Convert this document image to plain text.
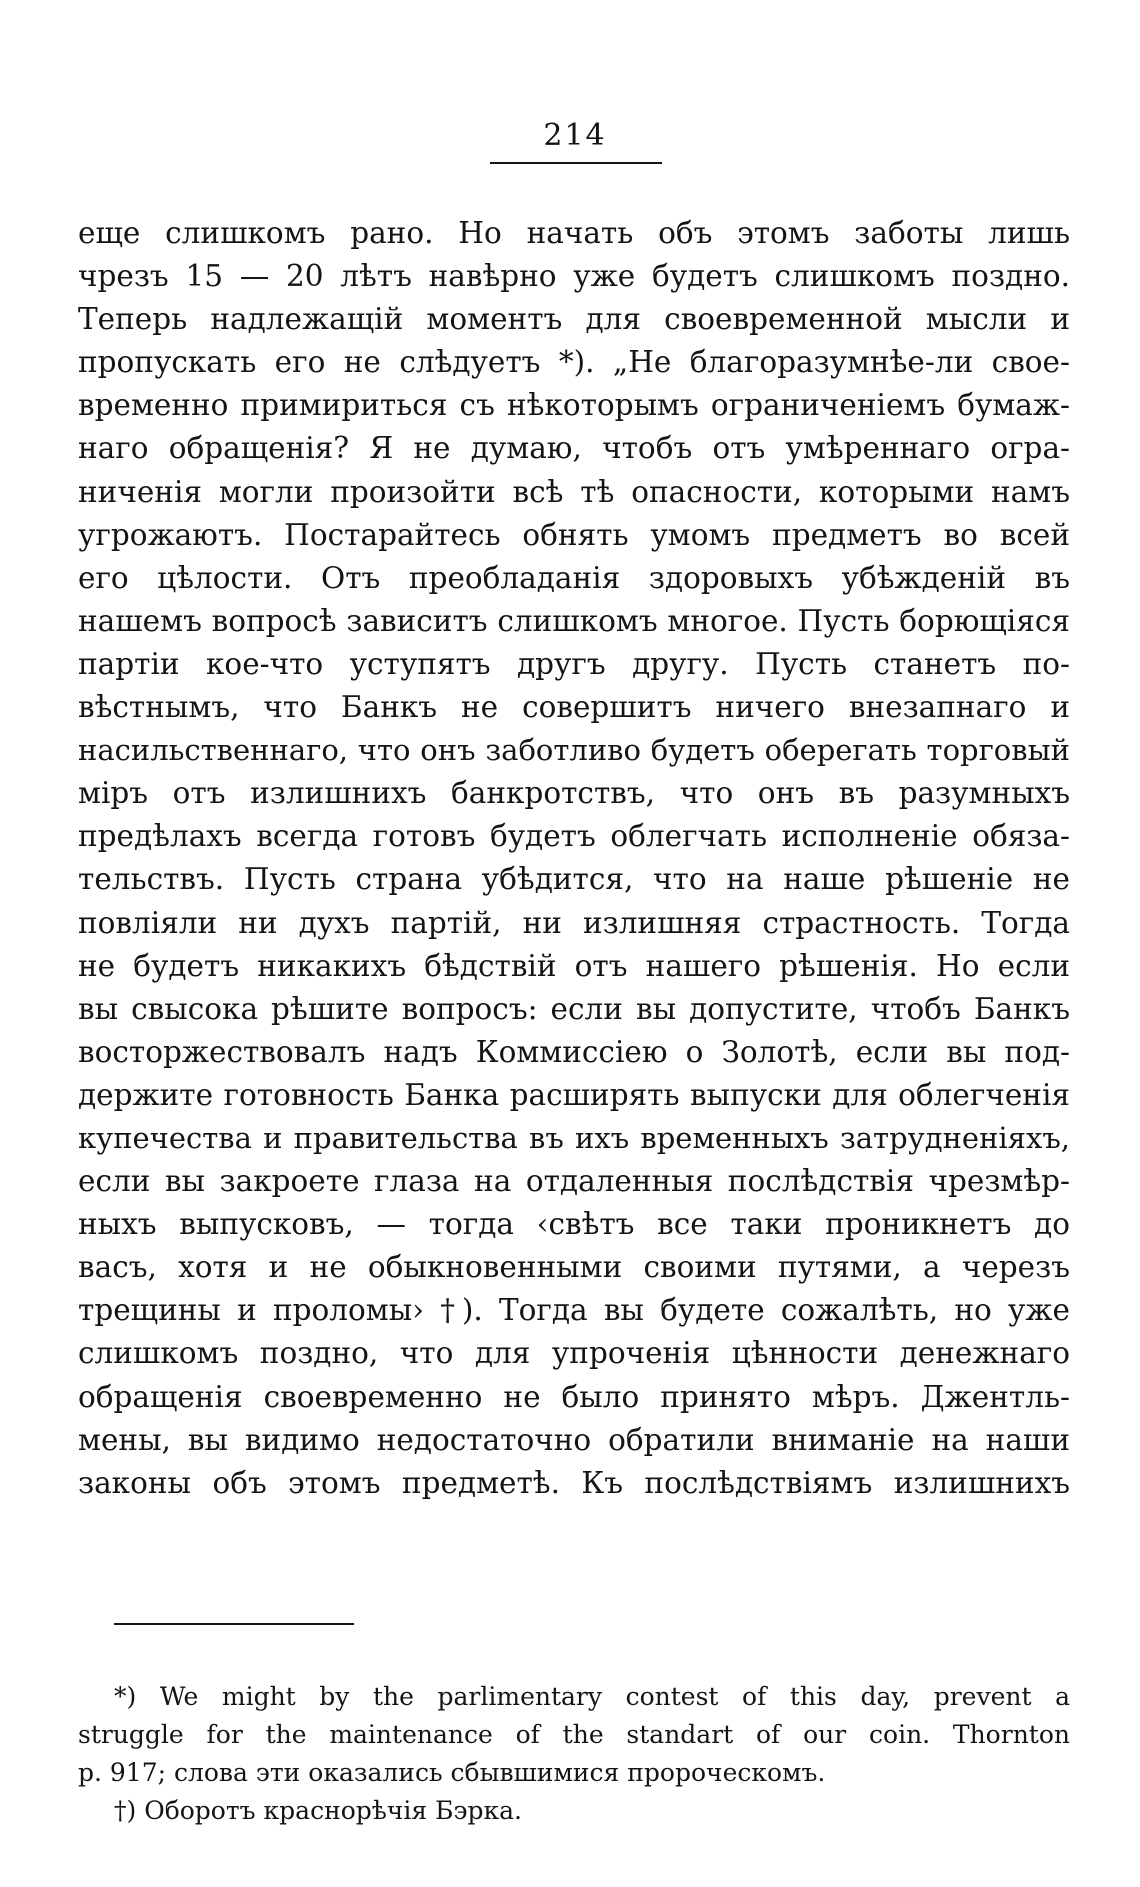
214
еще слишкомъ рано. Но начать объ этомъ заботы лишь
чрезъ 15 — 20 лѣтъ навѣрно уже будетъ слишкомъ поздно.
Теперь надлежащій моментъ для своевременной мысли и
пропускать его не слѣдуетъ *). „Не благоразумнѣе-ли свое-
временно примириться съ нѣкоторымъ ограниченіемъ бумаж-
наго обращенія? Я не думаю, чтобъ отъ умѣреннаго огра-
ниченія могли произойти всѣ тѣ опасности, которыми намъ
угрожаютъ. Постарайтесь обнять умомъ предметъ во всей
его цѣлости. Отъ преобладанія здоровыхъ убѣжденій въ
нашемъ вопросѣ зависитъ слишкомъ многое. Пусть борющіяся
партіи кое-что уступятъ другъ другу. Пусть станетъ по-
вѣстнымъ, что Банкъ не совершитъ ничего внезапнаго и
насильственнаго, что онъ заботливо будетъ оберегать торговый
міръ отъ излишнихъ банкротствъ, что онъ въ разумныхъ
предѣлахъ всегда готовъ будетъ облегчать исполненіе обяза-
тельствъ. Пусть страна убѣдится, что на наше рѣшеніе не
повліяли ни духъ партій, ни излишняя страстность. Тогда
не будетъ никакихъ бѣдствій отъ нашего рѣшенія. Но если
вы свысока рѣшите вопросъ: если вы допустите, чтобъ Банкъ
восторжествовалъ надъ Коммиссіею о Золотѣ, если вы под-
держите готовность Банка расширять выпуски для облегченія
купечества и правительства въ ихъ временныхъ затрудненіяхъ,
если вы закроете глаза на отдаленныя послѣдствія чрезмѣр-
ныхъ выпусковъ, — тогда ‹свѣтъ все таки проникнетъ до
васъ, хотя и не обыкновенными своими путями, а черезъ
трещины и проломы› †). Тогда вы будете сожалѣть, но уже
слишкомъ поздно, что для упроченія цѣнности денежнаго
обращенія своевременно не было принято мѣръ. Джентль-
мены, вы видимо недостаточно обратили вниманіе на наши
законы объ этомъ предметѣ. Къ послѣдствіямъ излишнихъ
*) We might by the parlimentary contest of this day, prevent a
struggle for the maintenance of the standart of our coin. Thornton
p. 917; слова эти оказались сбывшимися пророческомъ.
†) Оборотъ краснорѣчія Бэрка.
